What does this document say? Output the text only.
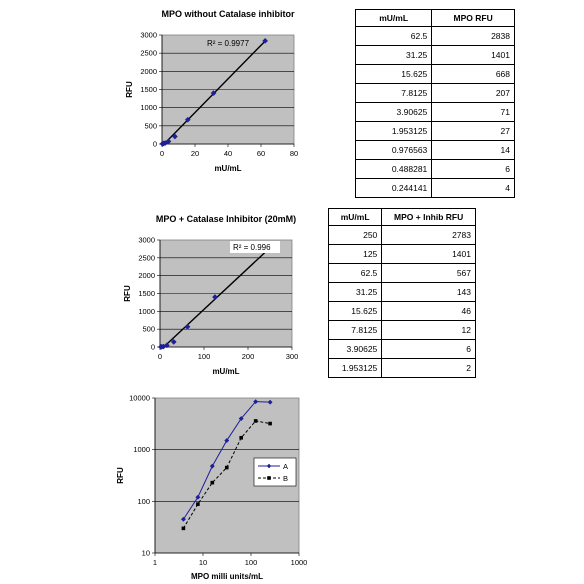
MPO without Catalase inhibitor
0
500
1000
1500
2000
2500
3000
0	20	40	60	80
R² = 0.9977
mU/mL
RFU
MPO + Catalase Inhibitor (20mM)
0
500
1000
1500
2000
2500
3000
0	100	200	300
R² = 0.996
mU/mL
RFU
10
100
1000
10000
1	10	100	1000
A
B
MPO milli units/mL
RFU
mU/mL	MPO RFU
62.5	2838
31.25	1401
15.625	668
7.8125	207
3.90625	71
1.953125	27
0.976563	14
0.488281	6
0.244141	4
mU/mL	MPO + Inhib RFU
250	2783
125	1401
62.5	567
31.25	143
15.625	46
7.8125	12
3.90625	6
1.953125	2
